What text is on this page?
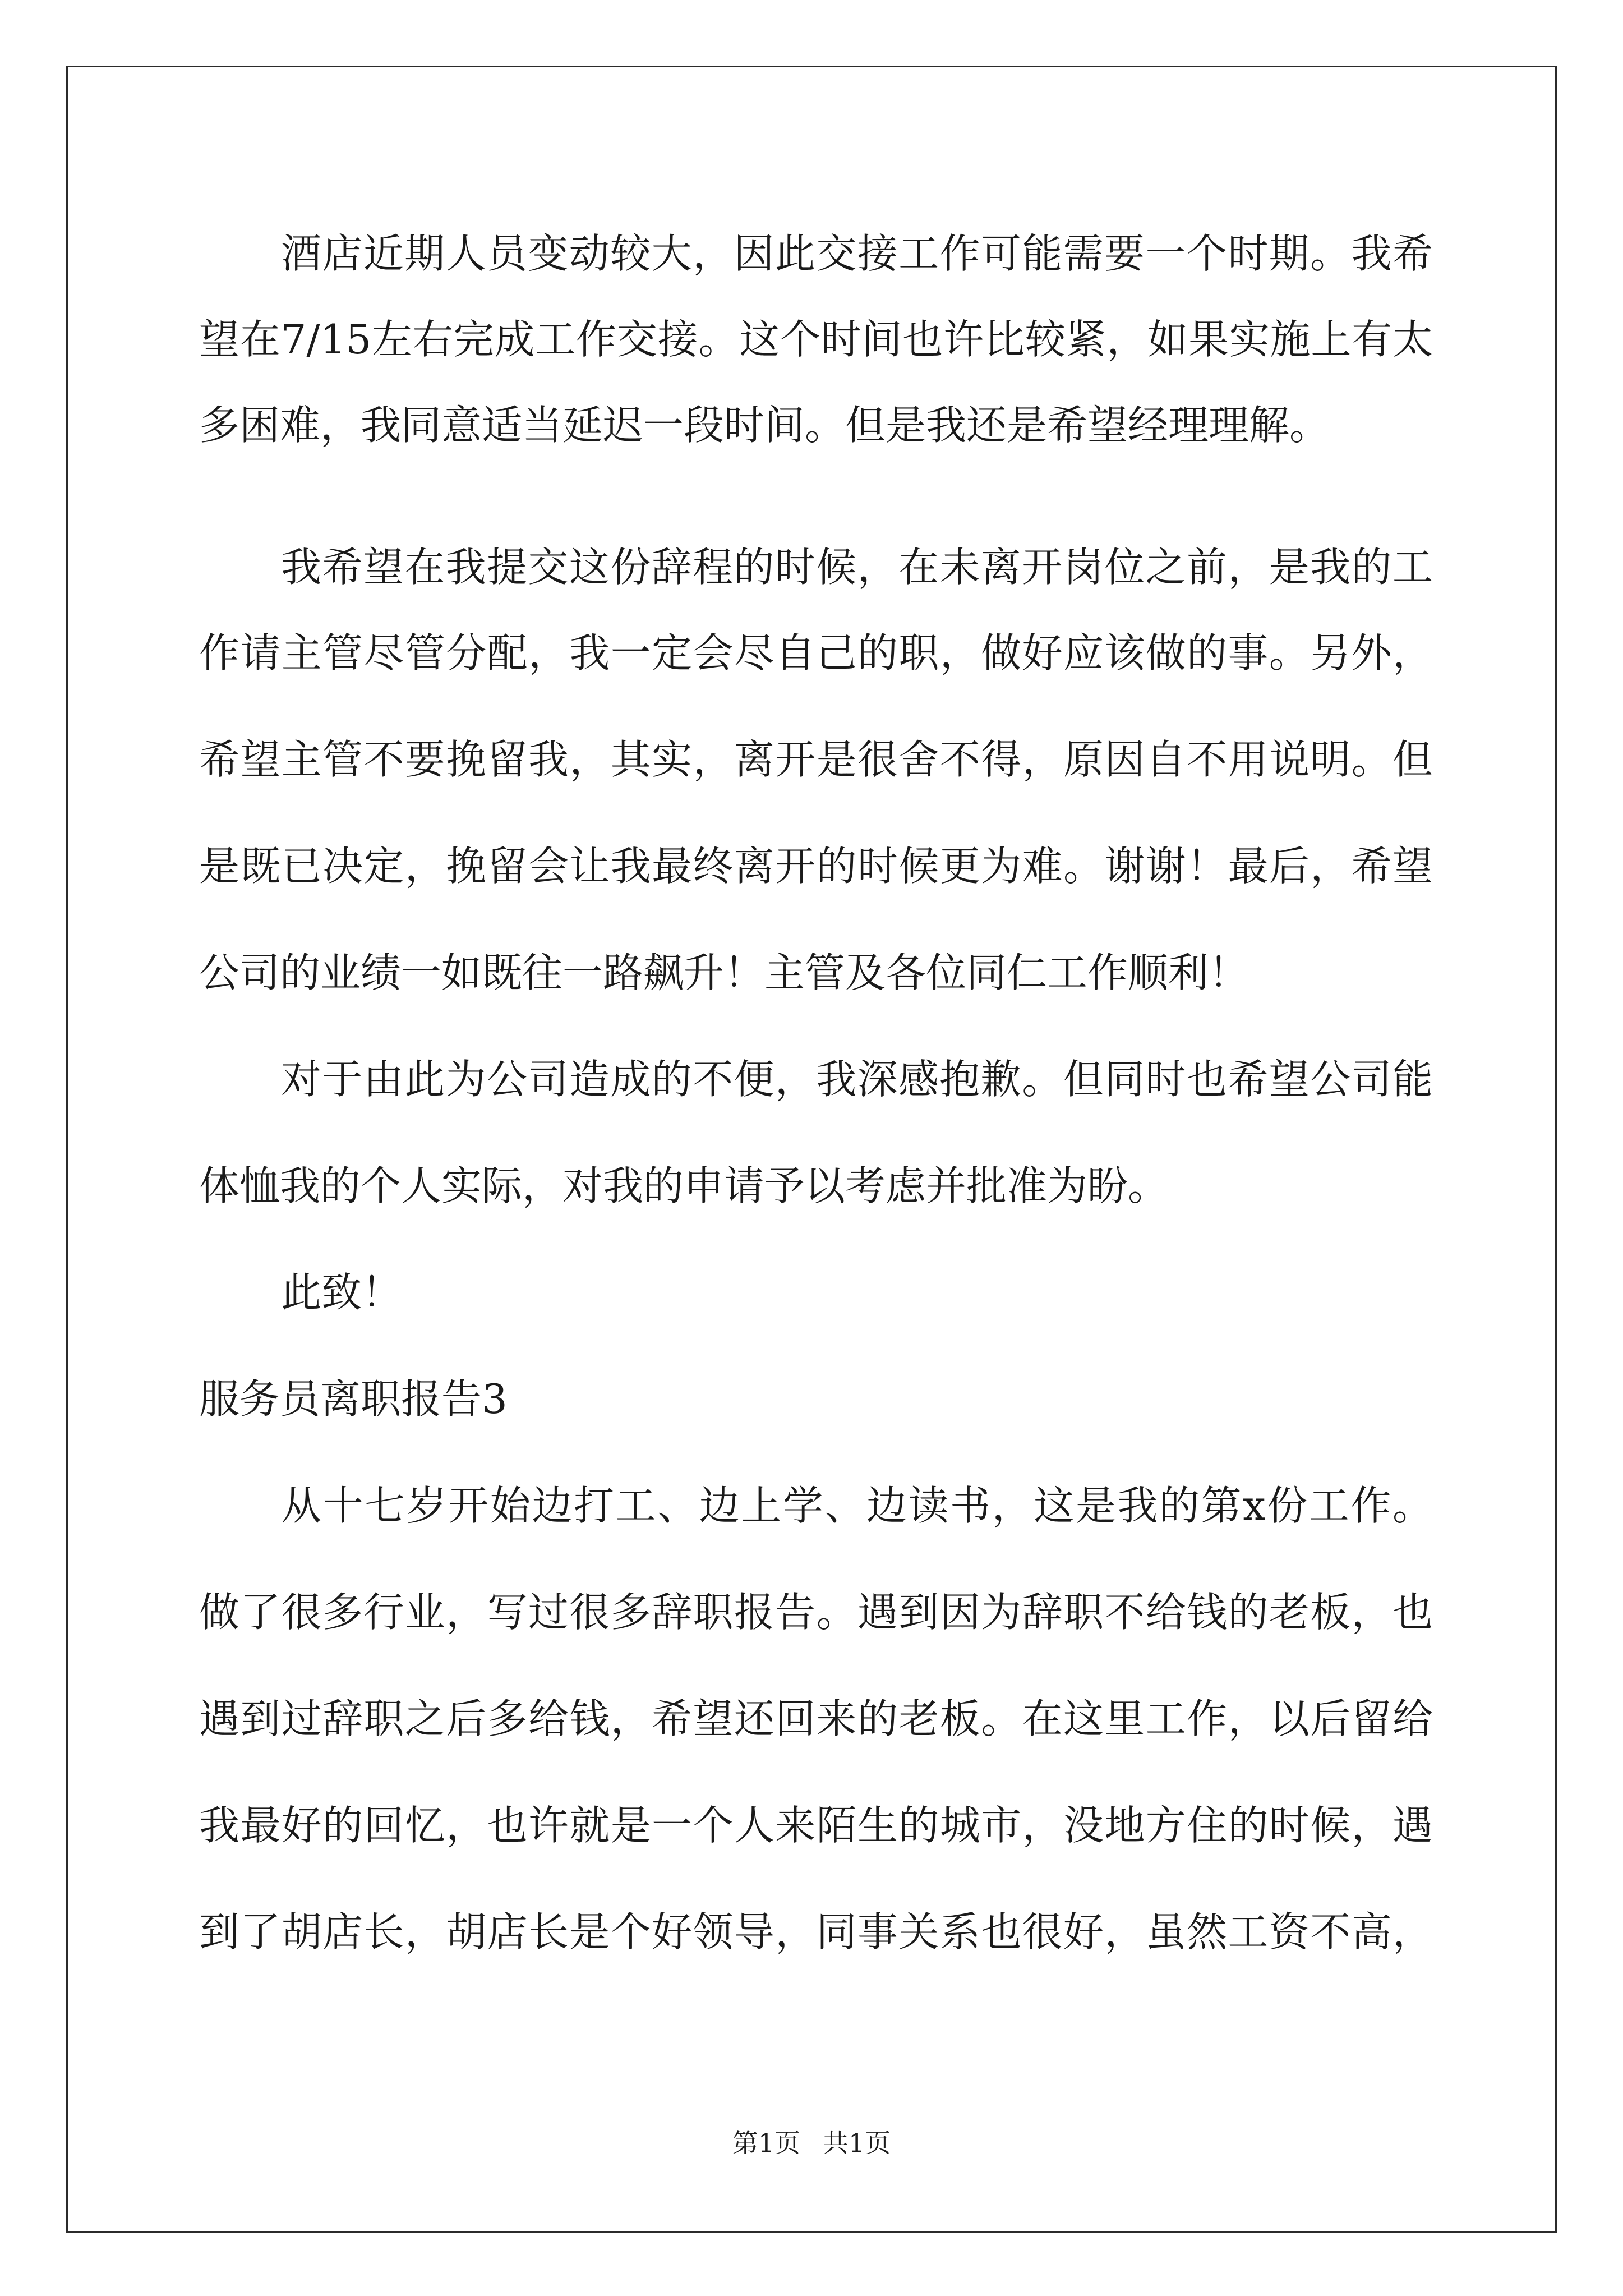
酒店近期人员变动较大，因此交接工作可能需要一个时期。我希
望在7/15左右完成工作交接。这个时间也许比较紧，如果实施上有太
多困难，我同意适当延迟一段时间。但是我还是希望经理理解。
我希望在我提交这份辞程的时候，在未离开岗位之前，是我的工
作请主管尽管分配，我一定会尽自己的职，做好应该做的事。另外，
希望主管不要挽留我，其实，离开是很舍不得，原因自不用说明。但
是既已决定，挽留会让我最终离开的时候更为难。谢谢！最后，希望
公司的业绩一如既往一路飙升！主管及各位同仁工作顺利！
对于由此为公司造成的不便，我深感抱歉。但同时也希望公司能
体恤我的个人实际，对我的申请予以考虑并批准为盼。
此致！
服务员离职报告3
从十七岁开始边打工、边上学、边读书，这是我的第x份工作。
做了很多行业，写过很多辞职报告。遇到因为辞职不给钱的老板，也
遇到过辞职之后多给钱，希望还回来的老板。在这里工作，以后留给
我最好的回忆，也许就是一个人来陌生的城市，没地方住的时候，遇
到了胡店长，胡店长是个好领导，同事关系也很好，虽然工资不高，
第1页 共1页
